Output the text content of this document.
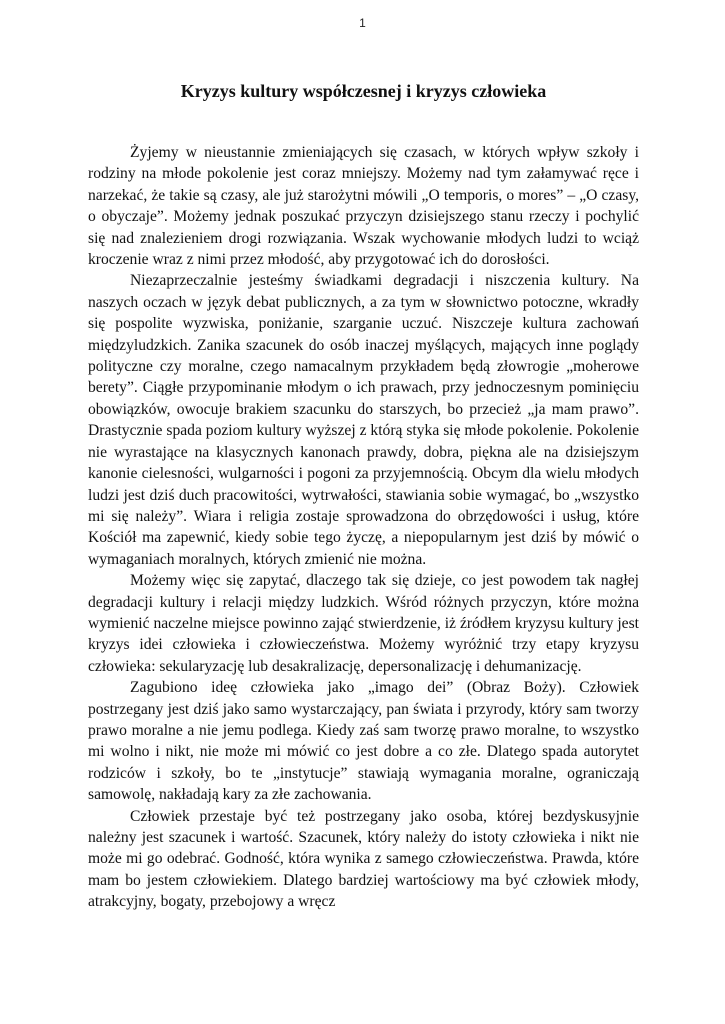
1
Kryzys kultury współczesnej i kryzys człowieka

Żyjemy w nieustannie zmieniających się czasach, w których wpływ szkoły i rodziny na młode pokolenie jest coraz mniejszy. Możemy nad tym załamywać ręce i narzekać, że takie są czasy, ale już starożytni mówili „O temporis, o mores” – „O czasy, o obyczaje”. Możemy jednak poszukać przyczyn dzisiejszego stanu rzeczy i pochylić się nad znalezieniem drogi rozwiązania. Wszak wychowanie młodych ludzi to wciąż kroczenie wraz z nimi przez młodość, aby przygotować ich do dorosłości.

Niezaprzeczalnie jesteśmy świadkami degradacji i niszczenia kultury. Na naszych oczach w język debat publicznych, a za tym w słownictwo potoczne, wkradły się pospolite wyzwiska, poniżanie, szarganie uczuć. Niszczeje kultura zachowań międzyludzkich. Zanika szacunek do osób inaczej myślących, mających inne poglądy polityczne czy moralne, czego namacalnym przykładem będą złowrogie „moherowe berety”. Ciągłe przypominanie młodym o ich prawach, przy jednoczesnym pominięciu obowiązków, owocuje brakiem szacunku do starszych, bo przecież „ja mam prawo”. Drastycznie spada poziom kultury wyższej z którą styka się młode pokolenie. Pokolenie nie wyrastające na klasycznych kanonach prawdy, dobra, piękna ale na dzisiejszym kanonie cielesności, wulgarności i pogoni za przyjemnością. Obcym dla wielu młodych ludzi jest dziś duch pracowitości, wytrwałości, stawiania sobie wymagać, bo „wszystko mi się należy”. Wiara i religia zostaje sprowadzona do obrzędowości i usług, które Kościół ma zapewnić, kiedy sobie tego życzę, a niepopularnym jest dziś by mówić o wymaganiach moralnych, których zmienić nie można.

Możemy więc się zapytać, dlaczego tak się dzieje, co jest powodem tak nagłej degradacji kultury i relacji między ludzkich. Wśród różnych przyczyn, które można wymienić naczelne miejsce powinno zająć stwierdzenie, iż źródłem kryzysu kultury jest kryzys idei człowieka i człowieczeństwa. Możemy wyróżnić trzy etapy kryzysu człowieka: sekularyzację lub desakralizację, depersonalizację i dehumanizację.

Zagubiono ideę człowieka jako „imago dei” (Obraz Boży). Człowiek postrzegany jest dziś jako samo wystarczający, pan świata i przyrody, który sam tworzy prawo moralne a nie jemu podlega. Kiedy zaś sam tworzę prawo moralne, to wszystko mi wolno i nikt, nie może mi mówić co jest dobre a co złe. Dlatego spada autorytet rodziców i szkoły, bo te „instytucje” stawiają wymagania moralne, ograniczają samowolę, nakładają kary za złe zachowania.

Człowiek przestaje być też postrzegany jako osoba, której bezdyskusyjnie należny jest szacunek i wartość. Szacunek, który należy do istoty człowieka i nikt nie może mi go odebrać. Godność, która wynika z samego człowieczeństwa. Prawda, które mam bo jestem człowiekiem. Dlatego bardziej wartościowy ma być człowiek młody, atrakcyjny, bogaty, przebojowy a wręcz
